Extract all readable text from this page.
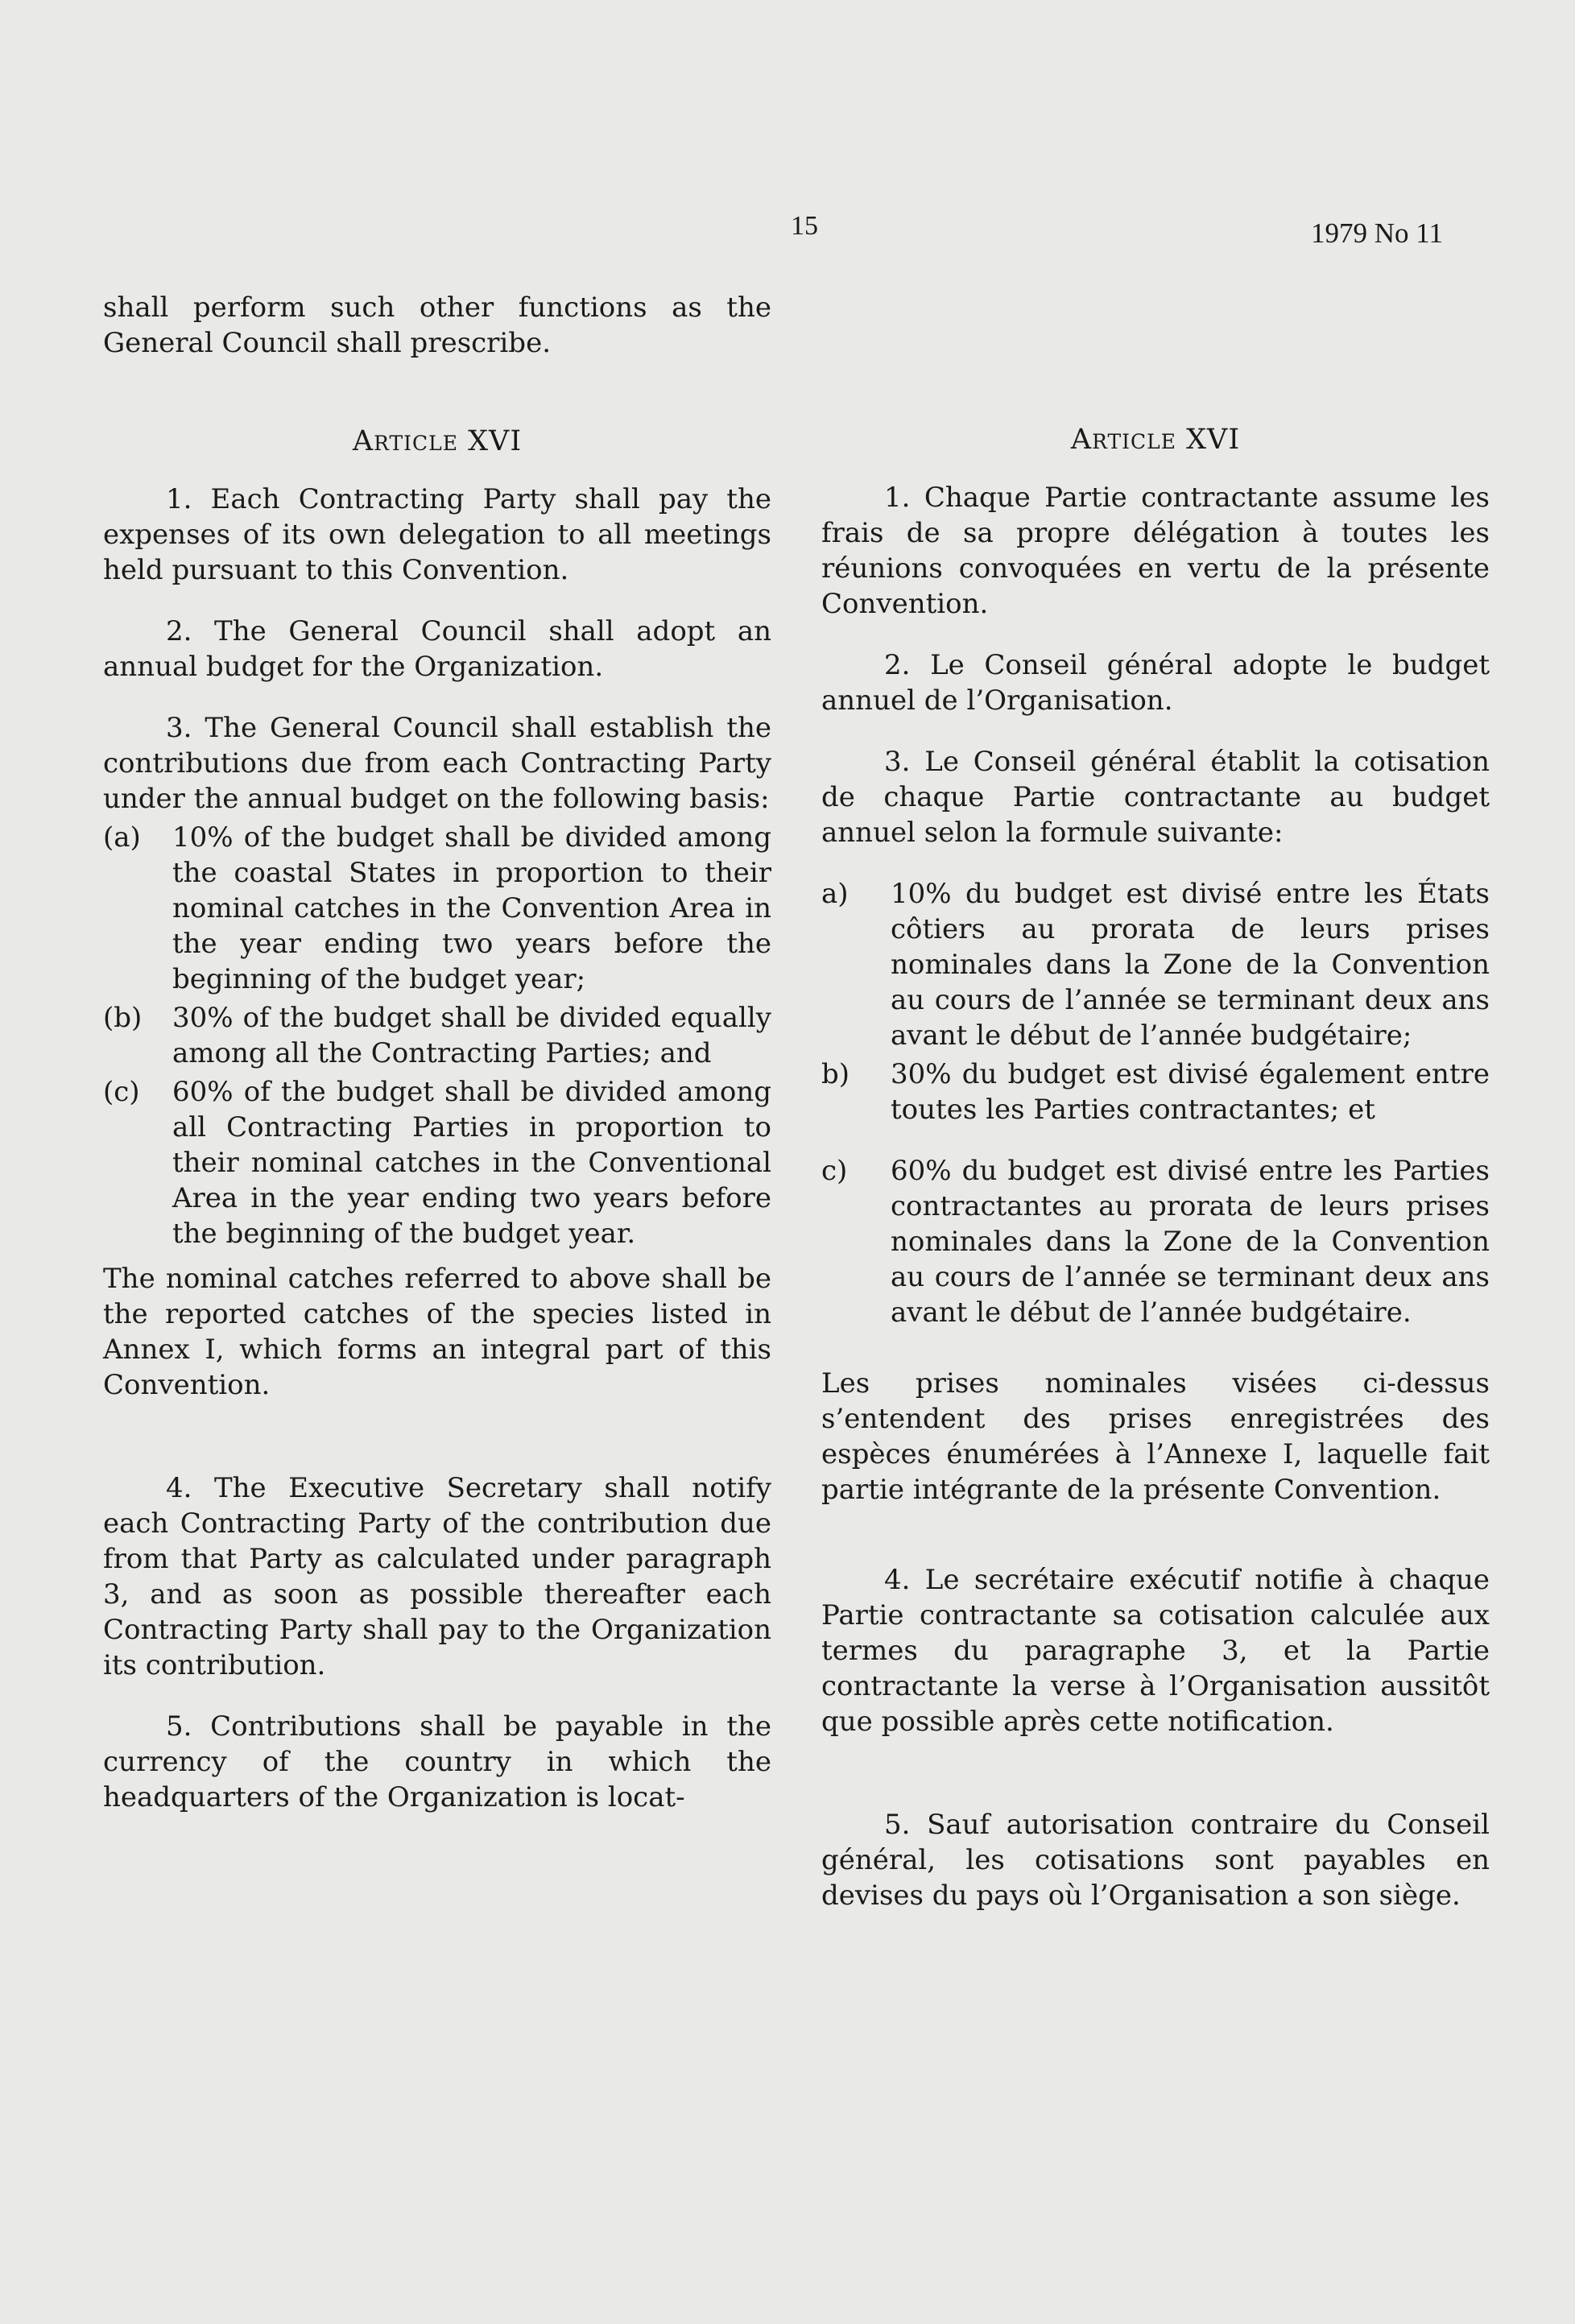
15	1979 No 11

shall perform such other functions as the General Council shall prescribe.

Article XVI

1. Each Contracting Party shall pay the expenses of its own delegation to all meetings held pursuant to this Convention.

2. The General Council shall adopt an annual budget for the Organization.

3. The General Council shall establish the contributions due from each Contracting Party under the annual budget on the following basis:

(a)	10% of the budget shall be divided among the coastal States in proportion to their nominal catches in the Convention Area in the year ending two years before the beginning of the budget year;
(b)	30% of the budget shall be divided equally among all the Contracting Parties; and
(c)	60% of the budget shall be divided among all Contracting Parties in proportion to their nominal catches in the Conventional Area in the year ending two years before the beginning of the budget year.

The nominal catches referred to above shall be the reported catches of the species listed in Annex I, which forms an integral part of this Convention.

4. The Executive Secretary shall notify each Contracting Party of the contribution due from that Party as calculated under paragraph 3, and as soon as possible thereafter each Contracting Party shall pay to the Organization its contribution.

5. Contributions shall be payable in the currency of the country in which the headquarters of the Organization is locat-

Article XVI

1. Chaque Partie contractante assume les frais de sa propre délégation à toutes les réunions convoquées en vertu de la présente Convention.

2. Le Conseil général adopte le budget annuel de l’Organisation.

3. Le Conseil général établit la cotisation de chaque Partie contractante au budget annuel selon la formule suivante:

a)	10% du budget est divisé entre les États côtiers au prorata de leurs prises nominales dans la Zone de la Convention au cours de l’année se terminant deux ans avant le début de l’année budgétaire;
b)	30% du budget est divisé également entre toutes les Parties contractantes; et
c)	60% du budget est divisé entre les Parties contractantes au prorata de leurs prises nominales dans la Zone de la Convention au cours de l’année se terminant deux ans avant le début de l’année budgétaire.

Les prises nominales visées ci-dessus s’entendent des prises enregistrées des espèces énumérées à l’Annexe I, laquelle fait partie intégrante de la présente Convention.

4. Le secrétaire exécutif notifie à chaque Partie contractante sa cotisation calculée aux termes du paragraphe 3, et la Partie contractante la verse à l’Organisation aussitôt que possible après cette notification.

5. Sauf autorisation contraire du Conseil général, les cotisations sont payables en devises du pays où l’Organisation a son siège.
